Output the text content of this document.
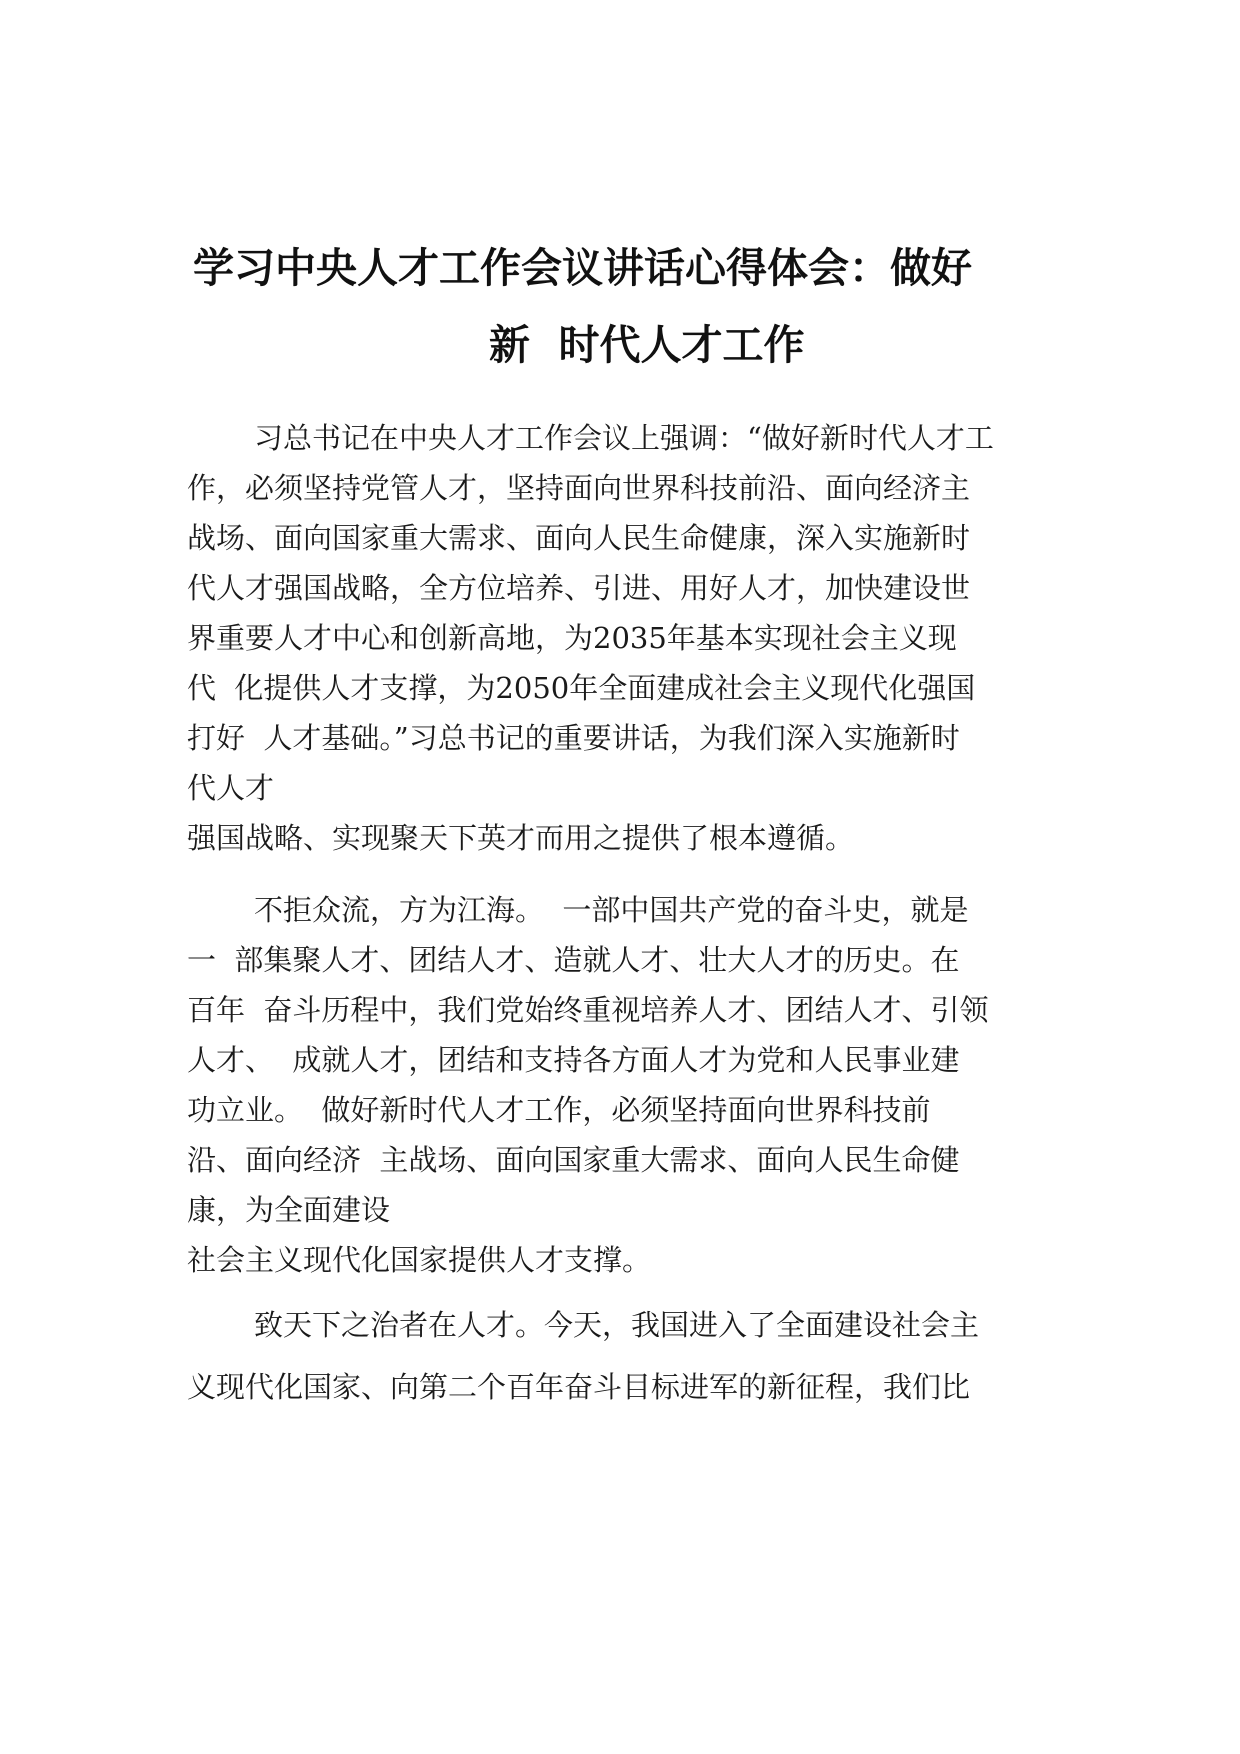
学习中央人才工作会议讲话心得体会：做好
新  时代人才工作
习总书记在中央人才工作会议上强调：“做好新时代人才工
作，必须坚持党管人才，坚持面向世界科技前沿、面向经济主
战场、面向国家重大需求、面向人民生命健康，深入实施新时
代人才强国战略，全方位培养、引进、用好人才，加快建设世
界重要人才中心和创新高地，为2035年基本实现社会主义现
代  化提供人才支撑，为2050年全面建成社会主义现代化强国
打好  人才基础。”习总书记的重要讲话，为我们深入实施新时
代人才
强国战略、实现聚天下英才而用之提供了根本遵循。
不拒众流，方为江海。  一部中国共产党的奋斗史，就是
一  部集聚人才、团结人才、造就人才、壮大人才的历史。在
百年  奋斗历程中，我们党始终重视培养人才、团结人才、引领
人才、  成就人才，团结和支持各方面人才为党和人民事业建
功立业。  做好新时代人才工作，必须坚持面向世界科技前
沿、面向经济  主战场、面向国家重大需求、面向人民生命健
康，为全面建设
社会主义现代化国家提供人才支撑。
致天下之治者在人才。今天，我国进入了全面建设社会主
义现代化国家、向第二个百年奋斗目标进军的新征程，我们比
